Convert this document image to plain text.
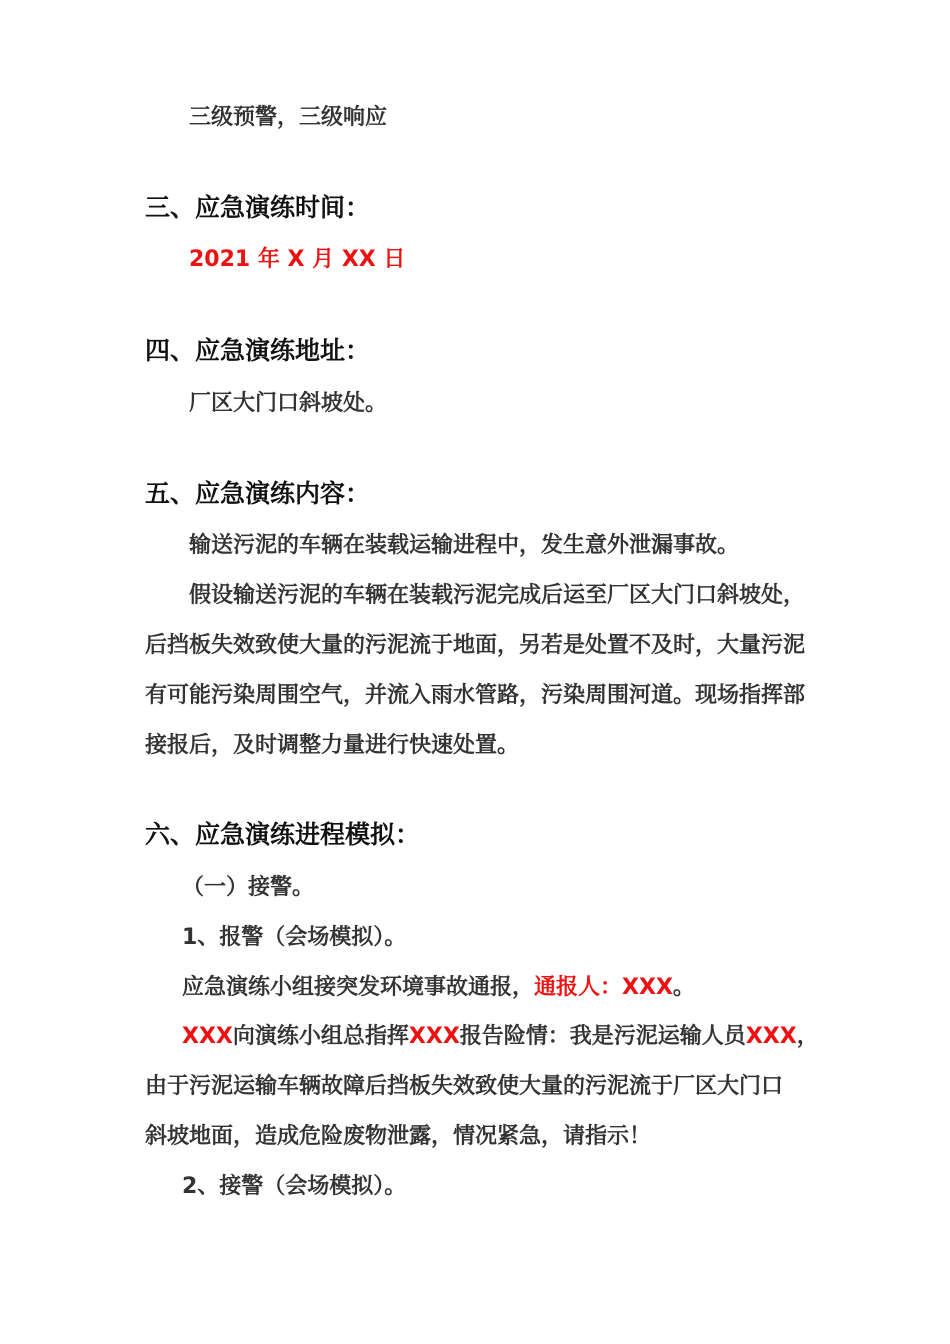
三级预警，三级响应
三、应急演练时间：
2021 年 X 月 XX 日
四、应急演练地址：
厂区大门口斜坡处。
五、应急演练内容：
输送污泥的车辆在装载运输进程中，发生意外泄漏事故。
假设输送污泥的车辆在装载污泥完成后运至厂区大门口斜坡处，
后挡板失效致使大量的污泥流于地面，另若是处置不及时，大量污泥
有可能污染周围空气，并流入雨水管路，污染周围河道。现场指挥部
接报后，及时调整力量进行快速处置。
六、应急演练进程模拟：
（一）接警。
1、报警（会场模拟）。
应急演练小组接突发环境事故通报，通报人：XXX。
XXX向演练小组总指挥XXX报告险情：我是污泥运输人员XXX，
由于污泥运输车辆故障后挡板失效致使大量的污泥流于厂区大门口
斜坡地面，造成危险废物泄露，情况紧急，请指示！
2、接警（会场模拟）。
